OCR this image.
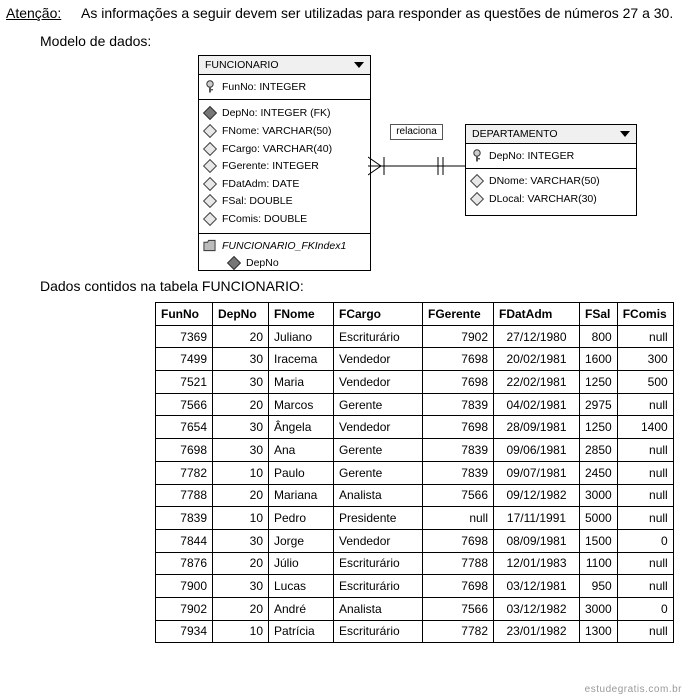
Atenção: As informações a seguir devem ser utilizadas para responder as questões de números 27 a 30.
Modelo de dados:
FUNCIONARIO
FunNo: INTEGER
DepNo: INTEGER (FK)
FNome: VARCHAR(50)
FCargo: VARCHAR(40)
FGerente: INTEGER
FDatAdm: DATE
FSal: DOUBLE
FComis: DOUBLE
FUNCIONARIO_FKIndex1
DepNo
DEPARTAMENTO
DepNo: INTEGER
DNome: VARCHAR(50)
DLocal: VARCHAR(30)
relaciona
Dados contidos na tabela FUNCIONARIO:
FunNo	DepNo	FNome	FCargo	FGerente	FDatAdm	FSal	FComis
7369	20	Juliano	Escriturário	7902	27/12/1980	800	null
7499	30	Iracema	Vendedor	7698	20/02/1981	1600	300
7521	30	Maria	Vendedor	7698	22/02/1981	1250	500
7566	20	Marcos	Gerente	7839	04/02/1981	2975	null
7654	30	Ângela	Vendedor	7698	28/09/1981	1250	1400
7698	30	Ana	Gerente	7839	09/06/1981	2850	null
7782	10	Paulo	Gerente	7839	09/07/1981	2450	null
7788	20	Mariana	Analista	7566	09/12/1982	3000	null
7839	10	Pedro	Presidente	null	17/11/1991	5000	null
7844	30	Jorge	Vendedor	7698	08/09/1981	1500	0
7876	20	Júlio	Escriturário	7788	12/01/1983	1100	null
7900	30	Lucas	Escriturário	7698	03/12/1981	950	null
7902	20	André	Analista	7566	03/12/1982	3000	0
7934	10	Patrícia	Escriturário	7782	23/01/1982	1300	null
estudegratis.com.br
